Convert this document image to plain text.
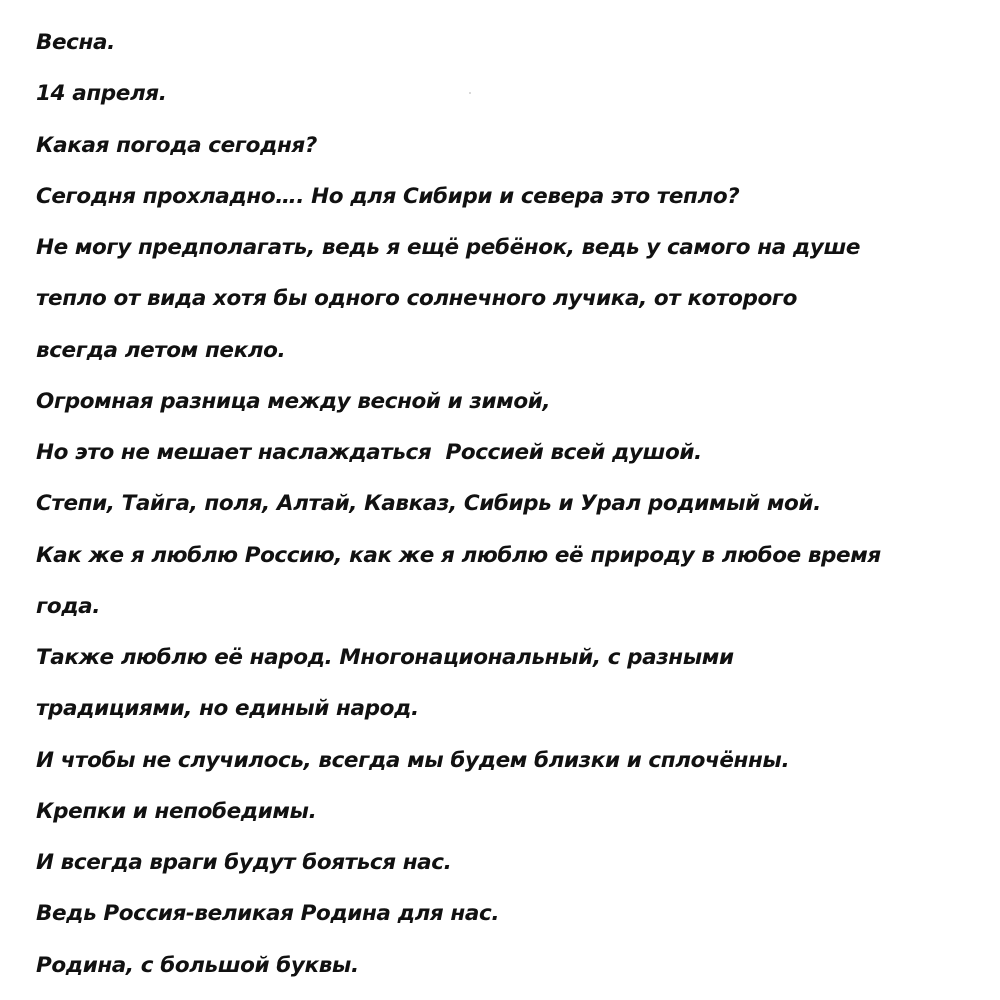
Весна.
14 апреля.
Какая погода сегодня?
Сегодня прохладно…. Но для Сибири и севера это тепло?
Не могу предполагать, ведь я ещё ребёнок, ведь у самого на душе
тепло от вида хотя бы одного солнечного лучика, от которого
всегда летом пекло.
Огромная разница между весной и зимой,
Но это не мешает наслаждаться  Россией всей душой.
Степи, Тайга, поля, Алтай, Кавказ, Сибирь и Урал родимый мой.
Как же я люблю Россию, как же я люблю её природу в любое время
года.
Также люблю её народ. Многонациональный, с разными
традициями, но единый народ.
И чтобы не случилось, всегда мы будем близки и сплочённы.
Крепки и непобедимы.
И всегда враги будут бояться нас.
Ведь Россия-великая Родина для нас.
Родина, с большой буквы.
